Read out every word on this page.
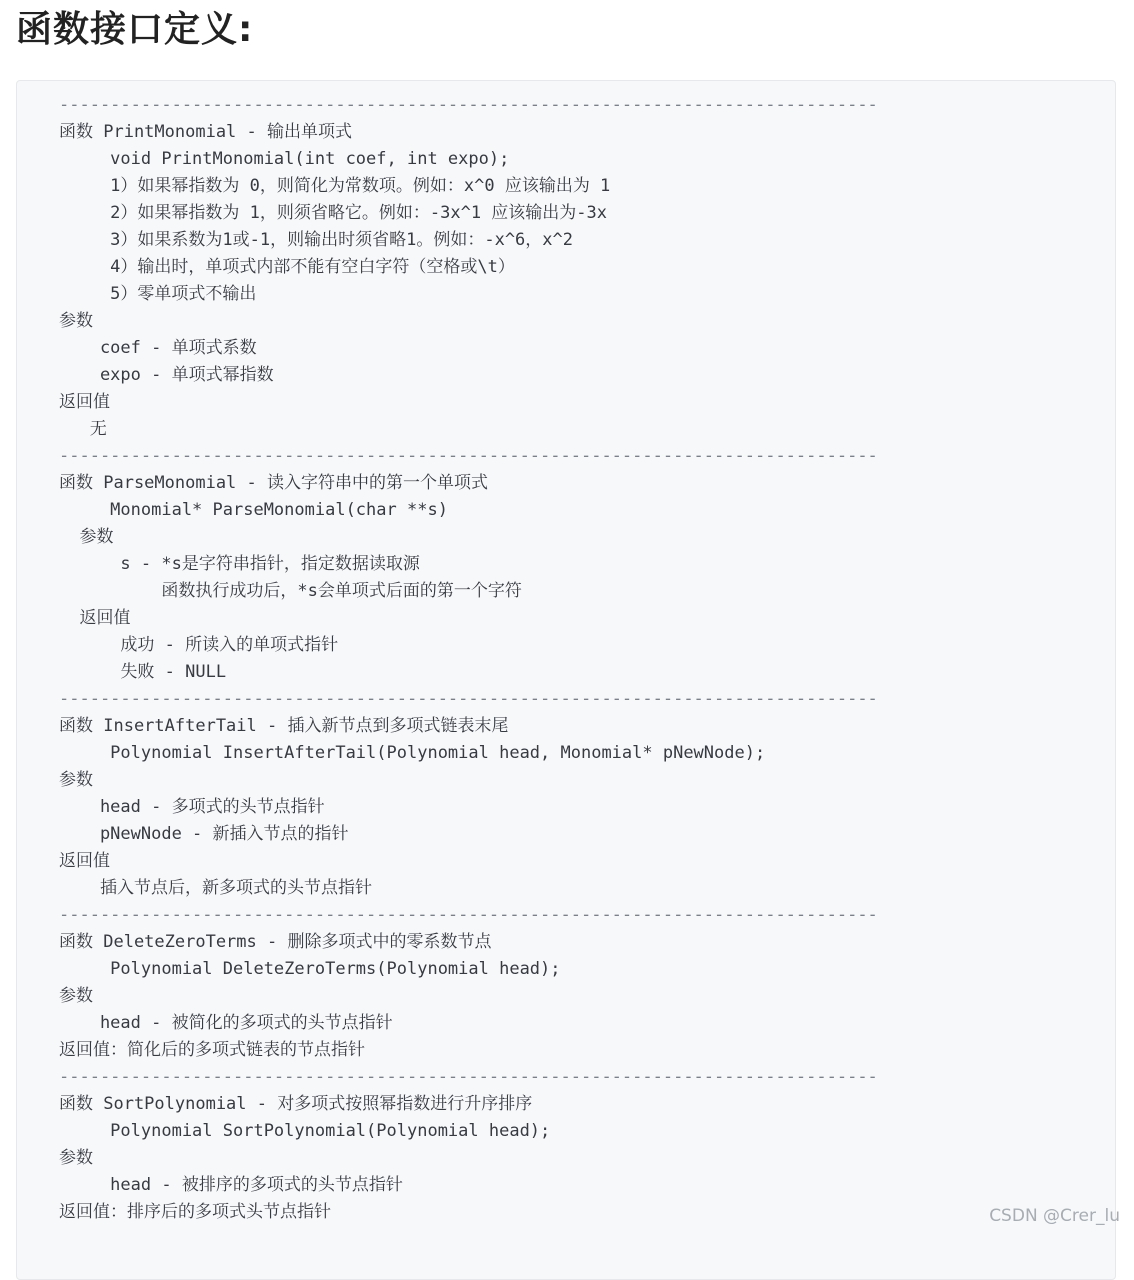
函数接口定义:
--------------------------------------------------------------------------------
函数 PrintMonomial - 输出单项式
void PrintMonomial(int coef, int expo);
1）如果幂指数为 0，则简化为常数项。例如：x^0 应该输出为 1
2）如果幂指数为 1，则须省略它。例如：-3x^1 应该输出为-3x
3）如果系数为1或-1，则输出时须省略1。例如：-x^6，x^2
4）输出时，单项式内部不能有空白字符（空格或\t）
5）零单项式不输出
参数
coef - 单项式系数
expo - 单项式幂指数
返回值
无
--------------------------------------------------------------------------------
函数 ParseMonomial - 读入字符串中的第一个单项式
Monomial* ParseMonomial(char **s)
参数
s - *s是字符串指针，指定数据读取源
函数执行成功后，*s会单项式后面的第一个字符
返回值
成功 - 所读入的单项式指针
失败 - NULL
--------------------------------------------------------------------------------
函数 InsertAfterTail - 插入新节点到多项式链表末尾
Polynomial InsertAfterTail(Polynomial head, Monomial* pNewNode);
参数
head - 多项式的头节点指针
pNewNode - 新插入节点的指针
返回值
插入节点后，新多项式的头节点指针
--------------------------------------------------------------------------------
函数 DeleteZeroTerms - 删除多项式中的零系数节点
Polynomial DeleteZeroTerms(Polynomial head);
参数
head - 被简化的多项式的头节点指针
返回值：简化后的多项式链表的节点指针
--------------------------------------------------------------------------------
函数 SortPolynomial - 对多项式按照幂指数进行升序排序
Polynomial SortPolynomial(Polynomial head);
参数
head - 被排序的多项式的头节点指针
返回值：排序后的多项式头节点指针	CSDN @Crer_lu
